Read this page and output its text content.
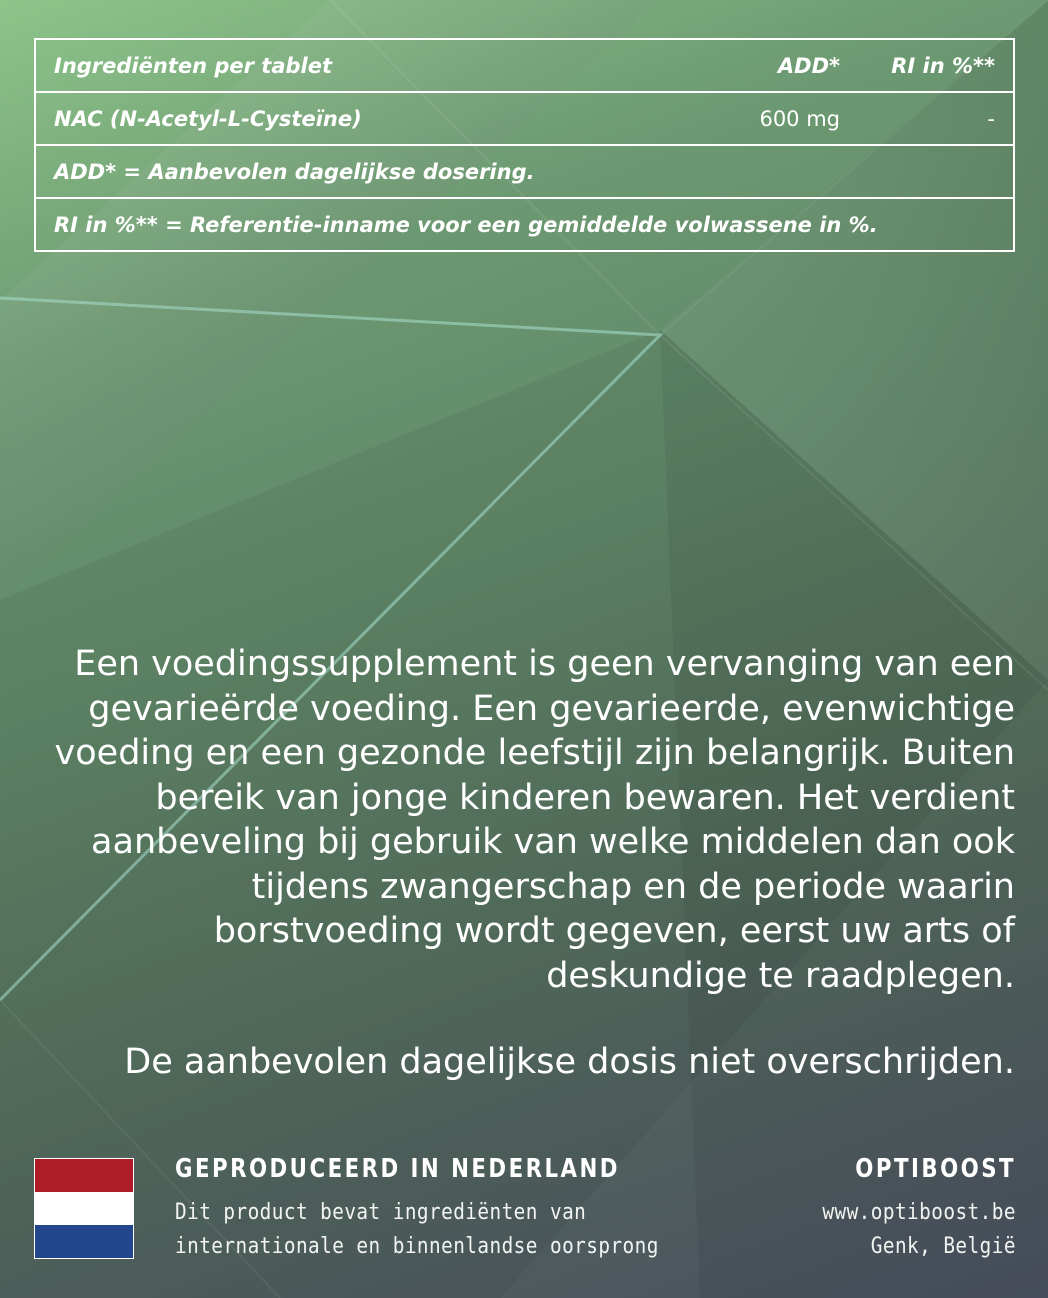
Ingrediënten per tablet	ADD*	RI in %**
NAC (N-Acetyl-L-Cysteïne)	600 mg	-
ADD* = Aanbevolen dagelijkse dosering.		
RI in %** = Referentie-inname voor een gemiddelde volwassene in %.		

Een voedingssupplement is geen vervanging van een
gevarieërde voeding. Een gevarieerde, evenwichtige
voeding en een gezonde leefstijl zijn belangrijk. Buiten
bereik van jonge kinderen bewaren. Het verdient
aanbeveling bij gebruik van welke middelen dan ook
tijdens zwangerschap en de periode waarin
borstvoeding wordt gegeven, eerst uw arts of
deskundige te raadplegen.

De aanbevolen dagelijkse dosis niet overschrijden.

GEPRODUCEERD IN NEDERLAND

Dit product bevat ingrediënten van
internationale en binnenlandse oorsprong

OPTIBOOST

www.optiboost.be
Genk, België
